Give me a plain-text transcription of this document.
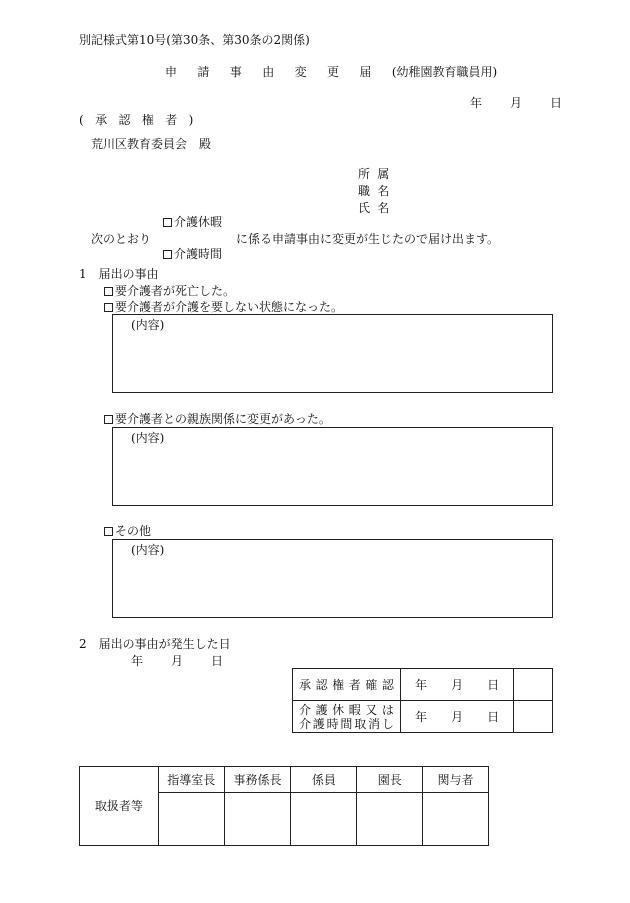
別記様式第10号(第30条、第30条の2関係)
申請事由変更届(幼稚園教育職員用)
年 月 日
(承認権者)
荒川区教育委員会　殿
所属
職名
氏名
介護休暇
次のとおり	に係る申請事由に変更が生じたので届け出ます。
介護時間
1　届出の事由
要介護者が死亡した。
要介護者が介護を要しない状態になった。
(内容)
要介護者との親族関係に変更があった。
(内容)
その他
(内容)
2　届出の事由が発生した日
年 月 日
承認権者確認	年 月 日	

介護休暇又は
介護時間取消し	年 月 日	
取扱者等	指導室長	事務係長	係員	園長	関与者
